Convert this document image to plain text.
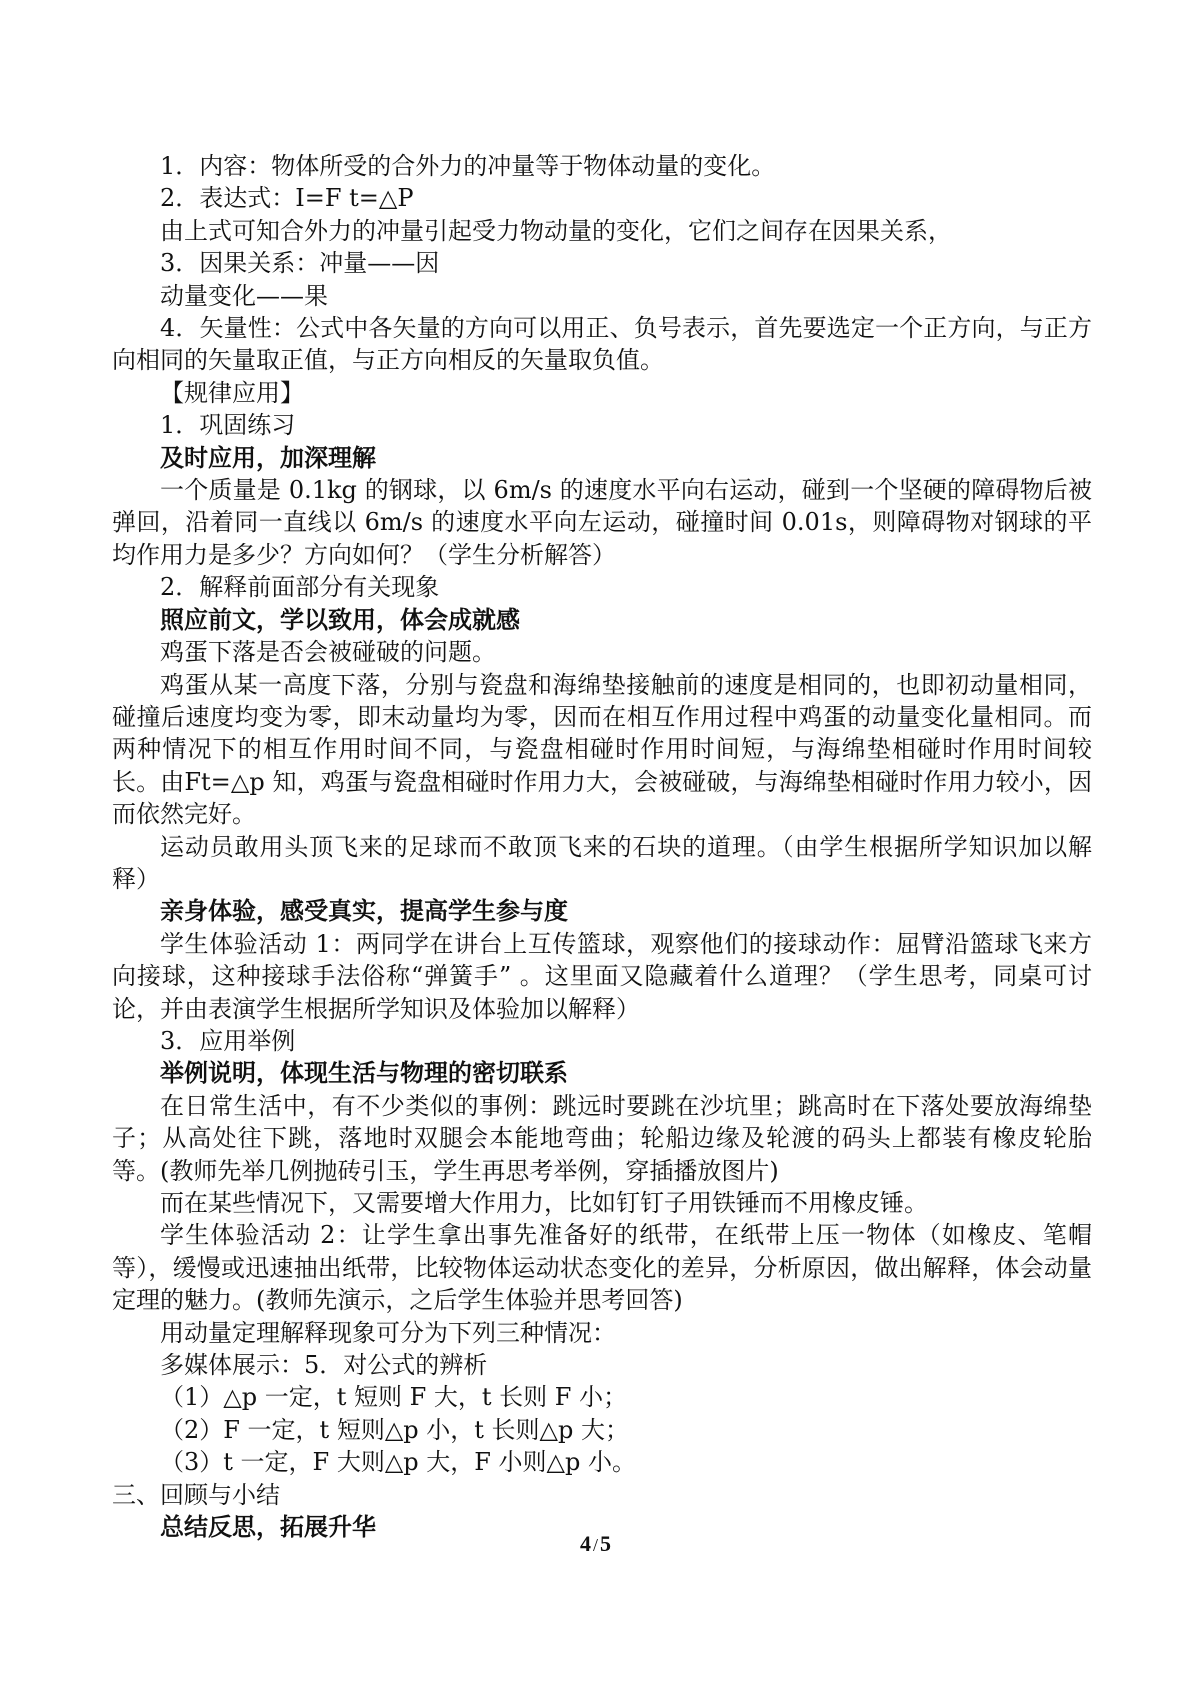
1．内容：物体所受的合外力的冲量等于物体动量的变化。

2．表达式：I=F t=△P

由上式可知合外力的冲量引起受力物动量的变化，它们之间存在因果关系，

3．因果关系：冲量——因

动量变化——果

4．矢量性：公式中各矢量的方向可以用正、负号表示，首先要选定一个正方向，与正方向相同的矢量取正值，与正方向相反的矢量取负值。

【规律应用】

1．巩固练习

及时应用，加深理解

一个质量是 0.1kg 的钢球，以 6m/s 的速度水平向右运动，碰到一个坚硬的障碍物后被弹回，沿着同一直线以 6m/s 的速度水平向左运动，碰撞时间 0.01s，则障碍物对钢球的平均作用力是多少？方向如何？（学生分析解答）

2．解释前面部分有关现象

照应前文，学以致用，体会成就感

鸡蛋下落是否会被碰破的问题。

鸡蛋从某一高度下落，分别与瓷盘和海绵垫接触前的速度是相同的，也即初动量相同，碰撞后速度均变为零，即末动量均为零，因而在相互作用过程中鸡蛋的动量变化量相同。而两种情况下的相互作用时间不同，与瓷盘相碰时作用时间短，与海绵垫相碰时作用时间较长。由Ft=△p 知，鸡蛋与瓷盘相碰时作用力大，会被碰破，与海绵垫相碰时作用力较小，因而依然完好。

运动员敢用头顶飞来的足球而不敢顶飞来的石块的道理。（由学生根据所学知识加以解释）

亲身体验，感受真实，提高学生参与度

学生体验活动 1：两同学在讲台上互传篮球，观察他们的接球动作：屈臂沿篮球飞来方向接球，这种接球手法俗称“弹簧手” 。这里面又隐藏着什么道理？（学生思考，同桌可讨论，并由表演学生根据所学知识及体验加以解释）

3．应用举例

举例说明，体现生活与物理的密切联系

在日常生活中，有不少类似的事例：跳远时要跳在沙坑里；跳高时在下落处要放海绵垫子；从高处往下跳，落地时双腿会本能地弯曲；轮船边缘及轮渡的码头上都装有橡皮轮胎等。(教师先举几例抛砖引玉，学生再思考举例，穿插播放图片)

而在某些情况下，又需要增大作用力，比如钉钉子用铁锤而不用橡皮锤。

学生体验活动 2：让学生拿出事先准备好的纸带，在纸带上压一物体（如橡皮、笔帽等），缓慢或迅速抽出纸带，比较物体运动状态变化的差异，分析原因，做出解释，体会动量定理的魅力。(教师先演示，之后学生体验并思考回答)

用动量定理解释现象可分为下列三种情况：

多媒体展示：5．对公式的辨析

（1）△p 一定，t 短则 F 大，t 长则 F 小；

（2）F 一定，t 短则△p 小，t 长则△p 大；

（3）t 一定，F 大则△p 大，F 小则△p 小。

三、回顾与小结

总结反思，拓展升华

4 /5
